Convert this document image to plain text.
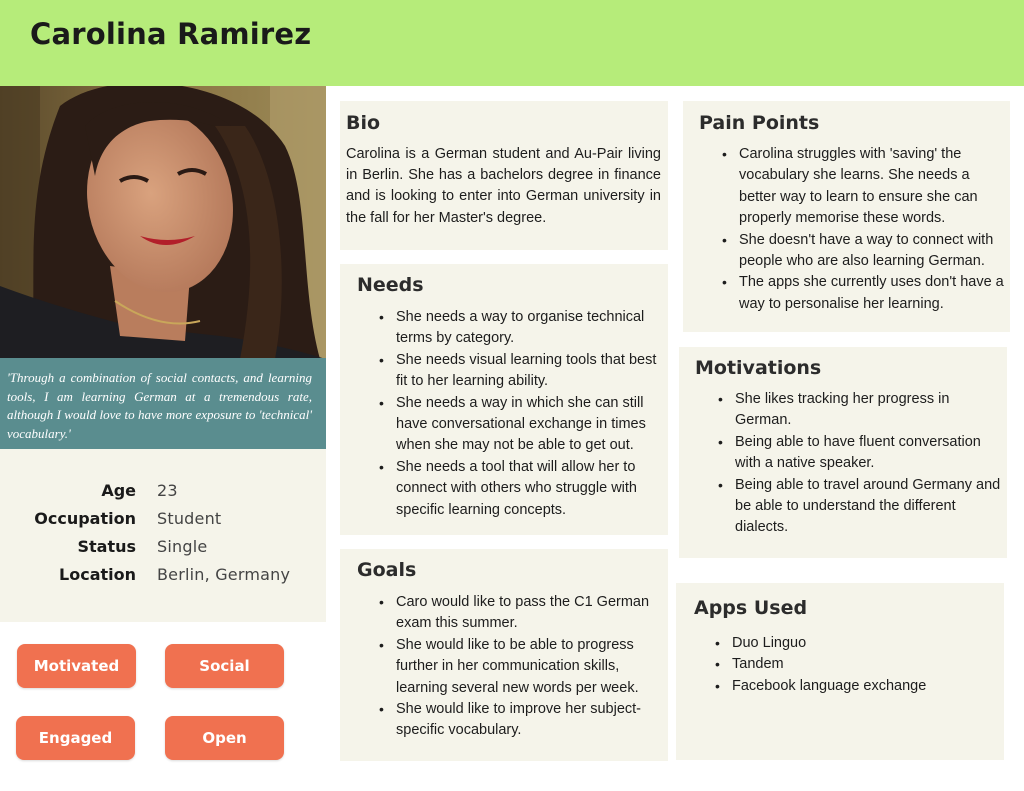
Carolina Ramirez

'Through a combination of social contacts, and learning tools, I am learning German at a tremendous rate, although I would love to have more exposure to 'technical' vocabulary.'

Age 23
Occupation Student
Status Single
Location Berlin, Germany
Motivated	Social
Engaged	Open
Bio

Carolina is a German student and Au-Pair living in Berlin. She has a bachelors degree in finance and is looking to enter into German university in the fall for her Master's degree.

Needs
• She needs a way to organise technical terms by category.
• She needs visual learning tools that best fit to her learning ability.
• She needs a way in which she can still have conversational exchange in times when she may not be able to get out.
• She needs a tool that will allow her to connect with others who struggle with specific learning concepts.
Goals
• Caro would like to pass the C1 German exam this summer.
• She would like to be able to progress further in her communication skills, learning several new words per week.
• She would like to improve her subject-specific vocabulary.
Pain Points
• Carolina struggles with 'saving' the vocabulary she learns. She needs a better way to learn to ensure she can properly memorise these words.
• She doesn't have a way to connect with people who are also learning German.
• The apps she currently uses don't have a way to personalise her learning.
Motivations
• She likes tracking her progress in German.
• Being able to have fluent conversation with a native speaker.
• Being able to travel around Germany and be able to understand the different dialects.
Apps Used
• Duo Linguo
• Tandem
• Facebook language exchange
